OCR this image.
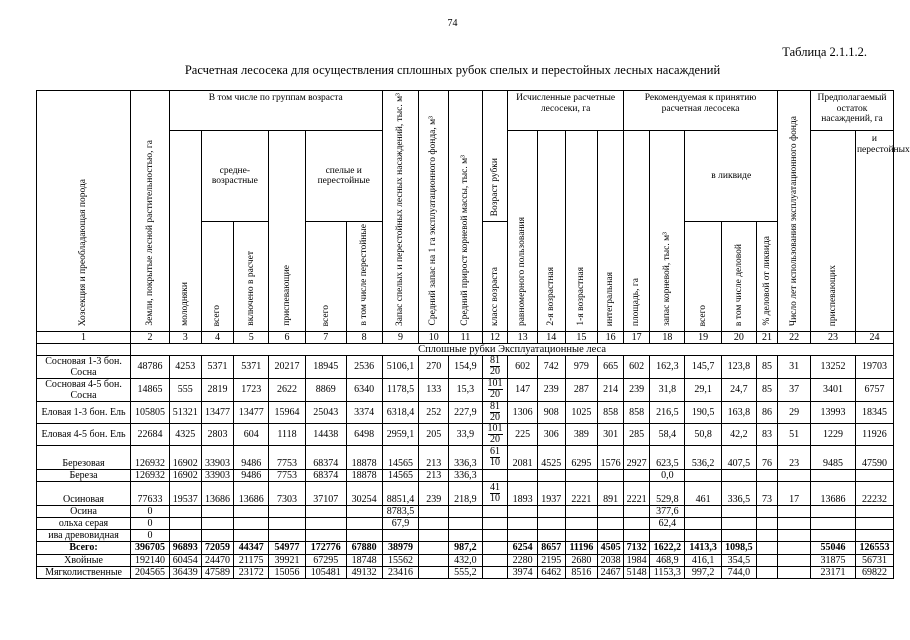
74
Таблица 2.1.1.2.
Расчетная лесосека для осуществления сплошных рубок спелых и перестойных лесных насаждений
Хозсекция и преобладающая порода	Земли, покрытые лесной растительностью, га	В том числе по группам возраста						Запас спелых и перестойных лесных насаждений, тыс. м³	Средний запас на 1 га эксплуатационного фонда, м³	Средний прирост корневой массы, тыс. м³	Возраст рубки	Исчисленные расчетные лесосеки, га				Рекомендуемая к принятию расчетная лесосека					Число лет использования эксплуатационного фонда	Предполагаемый остаток насаждений, га	
		молодняки	средне-возрастные		приспевающие	спелые и перестойные						равномерного пользования	2-я возрастная	1-я возрастная	интегральная	площадь, га	запас корневой, тыс. м³	в ликвиде				приспевающих	и перестойных
			всего	включено в расчет		всего	в том числе перестойные				класс возраста							всего	в том числе деловой	% деловой от ликвида			
1	2	3	4	5	6	7	8	9	10	11	12	13	14	15	16	17	18	19	20	21	22	23	24
	Сплошные рубки Эксплуатационные леса																						
Сосновая 1-3 бон. Сосна	48786	4253	5371	5371	20217	18945	2536	5106,1	270	154,9	$\frac{81}{20}$	602	742	979	665	602	162,3	145,7	123,8	85	31	13252	19703
Сосновая 4-5 бон. Сосна	14865	555	2819	1723	2622	8869	6340	1178,5	133	15,3	$\frac{101}{20}$	147	239	287	214	239	31,8	29,1	24,7	85	37	3401	6757
Еловая 1-3 бон. Ель	105805	51321	13477	13477	15964	25043	3374	6318,4	252	227,9	$\frac{81}{20}$	1306	908	1025	858	858	216,5	190,5	163,8	86	29	13993	18345
Еловая 4-5 бон. Ель	22684	4325	2803	604	1118	14438	6498	2959,1	205	33,9	$\frac{101}{20}$	225	306	389	301	285	58,4	50,8	42,2	83	51	1229	11926
Березовая	126932	16902	33903	9486	7753	68374	18878	14565	213	336,3	$\frac{61}{10}$	2081	4525	6295	1576	2927	623,5	536,2	407,5	76	23	9485	47590
Береза	126932	16902	33903	9486	7753	68374	18878	14565	213	336,3							0,0						
Осиновая	77633	19537	13686	13686	7303	37107	30254	8851,4	239	218,9	$\frac{41}{10}$	1893	1937	2221	891	2221	529,8	461	336,5	73	17	13686	22232
Осина	0							8783,5									377,6						
ольха серая	0							67,9									62,4						
ива древовидная	0																						
Всего:	396705	96893	72059	44347	54977	172776	67880	38979		987,2		6254	8657	11196	4505	7132	1622,2	1413,3	1098,5			55046	126553
Хвойные	192140	60454	24470	21175	39921	67295	18748	15562		432,0		2280	2195	2680	2038	1984	468,9	416,1	354,5			31875	56731
Мягколиственные	204565	36439	47589	23172	15056	105481	49132	23416		555,2		3974	6462	8516	2467	5148	1153,3	997,2	744,0			23171	69822
